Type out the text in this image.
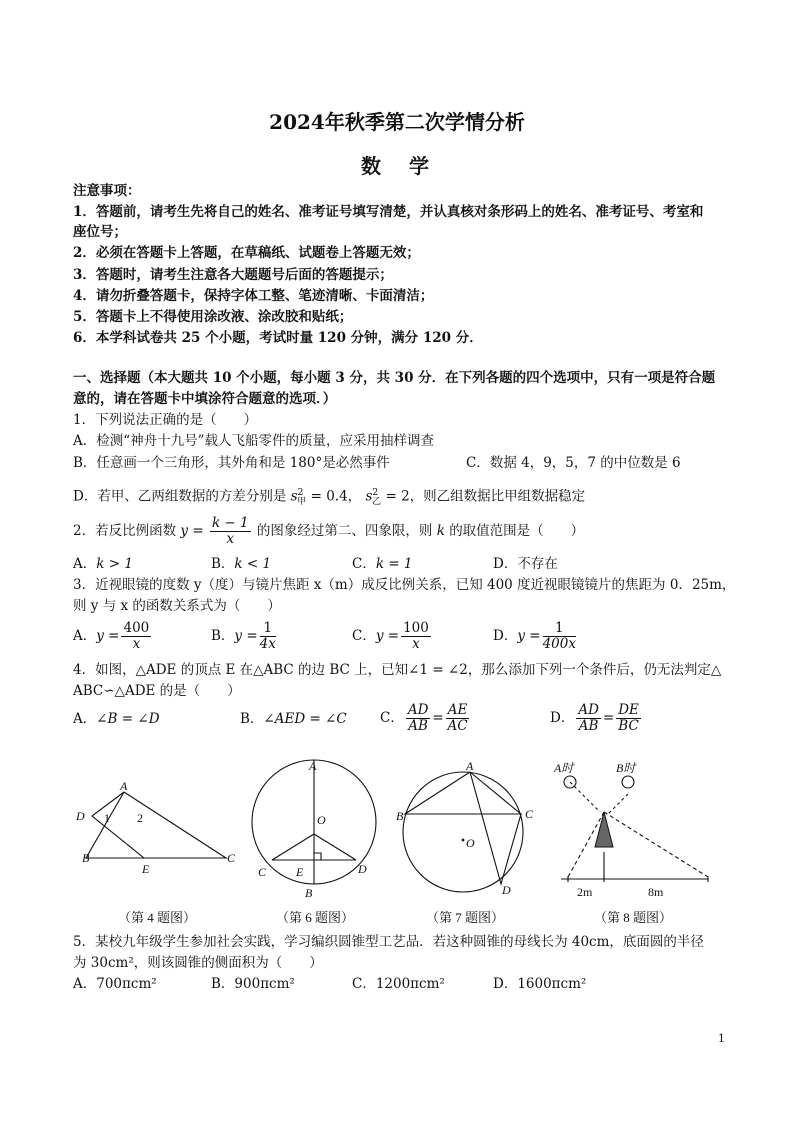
2024年秋季第二次学情分析
数　学
注意事项：
1．答题前，请考生先将自己的姓名、准考证号填写清楚，并认真核对条形码上的姓名、准考证号、考室和
座位号；
2．必须在答题卡上答题，在草稿纸、试题卷上答题无效；
3．答题时，请考生注意各大题题号后面的答题提示；
4．请勿折叠答题卡，保持字体工整、笔迹清晰、卡面清洁；
5．答题卡上不得使用涂改液、涂改胶和贴纸；
6．本学科试卷共 25 个小题，考试时量 120 分钟，满分 120 分．
一、选择题（本大题共 10 个小题，每小题 3 分，共 30 分．在下列各题的四个选项中，只有一项是符合题
意的，请在答题卡中填涂符合题意的选项．）
1．下列说法正确的是（　　）
A．检测“神舟十九号”载人飞船零件的质量，应采用抽样调查
B．任意画一个三角形，其外角和是 180°是必然事件	C．数据 4，9，5，7 的中位数是 6
D．若甲、乙两组数据的方差分别是 $s^2_甲 = 0.4$， $s^2_乙 = 2$，则乙组数据比甲组数据稳定
2．若反比例函数 $y = \frac{k - 1}{x}$ 的图象经过第二、四象限，则 k 的取值范围是（　　）
A．k > 1	B．k < 1	C．k = 1	D．不存在
3．近视眼镜的度数 y（度）与镜片焦距 x（m）成反比例关系，已知 400 度近视眼镜镜片的焦距为 0．25m，
则 y 与 x 的函数关系式为（　　）
A．$y = \frac{400}{x}$	B．$y = \frac{1}{4x}$	C．$y = \frac{100}{x}$	D．$y = \frac{1}{400x}$
4．如图，△ADE 的顶点 E 在△ABC 的边 BC 上，已知∠1 = ∠2，那么添加下列一个条件后，仍无法判定△
ABC∽△ADE 的是（　　）
A．∠B = ∠D	B．∠AED = ∠C C． $\frac{AD}{AB} = \frac{AE}{AC}$	D． $\frac{AD}{AB} = \frac{DE}{BC}$
A
D 1 2
B
E
C
A
O
C E	D
B
A
B	C
O
D
A时	B时
2m	8m
（第 4 题图）	（第 6 题图）	（第 7 题图）	（第 8 题图）
5．某校九年级学生参加社会实践，学习编织圆锥型工艺品．若这种圆锥的母线长为 40cm，底面圆的半径
为 30cm²，则该圆锥的侧面积为（　　）
A．700πcm²	B．900πcm²	C．1200πcm²	D．1600πcm²
1
